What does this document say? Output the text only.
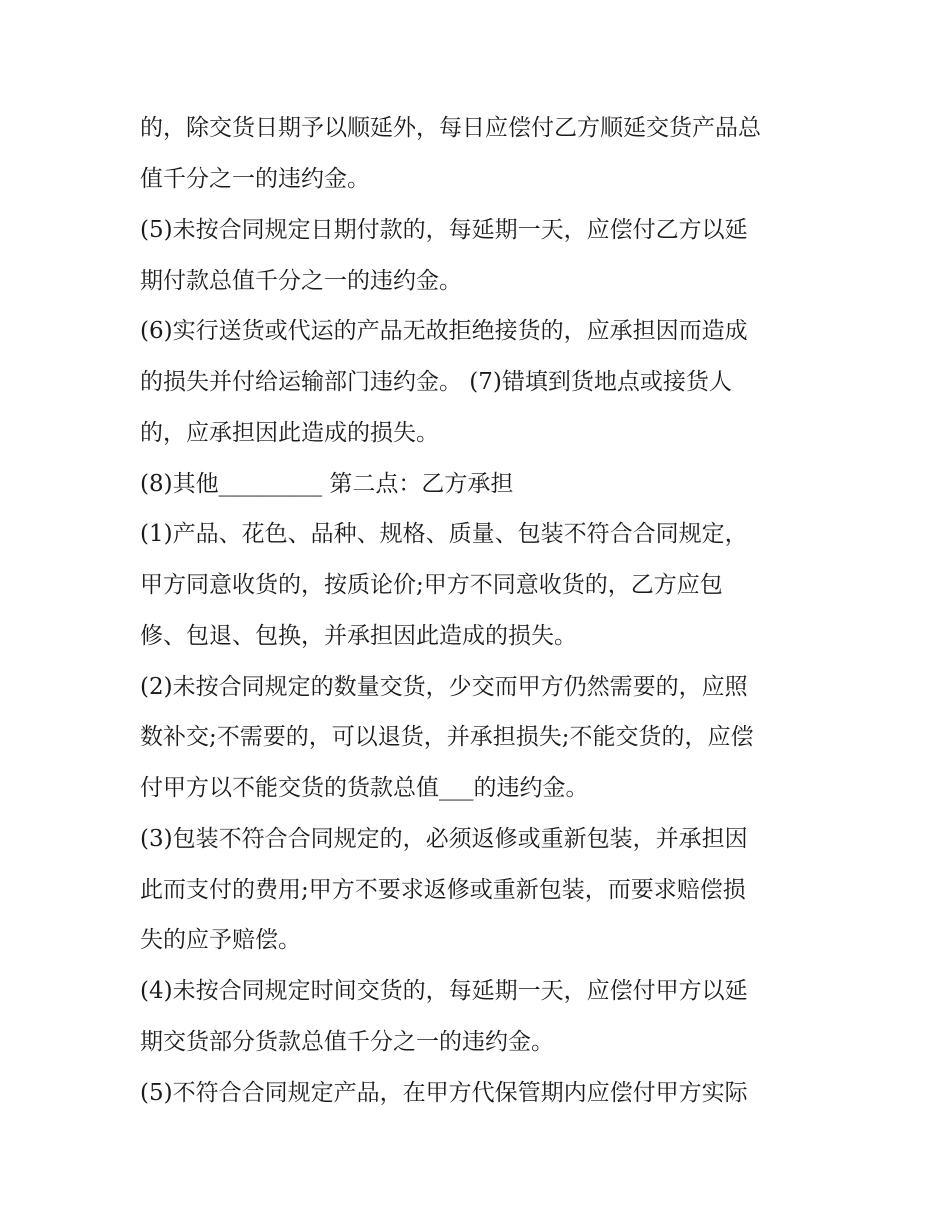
的，除交货日期予以顺延外，每日应偿付乙方顺延交货产品总
值千分之一的违约金。
(5)未按合同规定日期付款的，每延期一天，应偿付乙方以延
期付款总值千分之一的违约金。
(6)实行送货或代运的产品无故拒绝接货的，应承担因而造成
的损失并付给运输部门违约金。 (7)错填到货地点或接货人
的，应承担因此造成的损失。
(8)其他_________ 第二点：乙方承担
(1)产品、花色、品种、规格、质量、包装不符合合同规定，
甲方同意收货的，按质论价;甲方不同意收货的，乙方应包
修、包退、包换，并承担因此造成的损失。
(2)未按合同规定的数量交货，少交而甲方仍然需要的，应照
数补交;不需要的，可以退货，并承担损失;不能交货的，应偿
付甲方以不能交货的货款总值___的违约金。
(3)包装不符合合同规定的，必须返修或重新包装，并承担因
此而支付的费用;甲方不要求返修或重新包装，而要求赔偿损
失的应予赔偿。
(4)未按合同规定时间交货的，每延期一天，应偿付甲方以延
期交货部分货款总值千分之一的违约金。
(5)不符合合同规定产品，在甲方代保管期内应偿付甲方实际
